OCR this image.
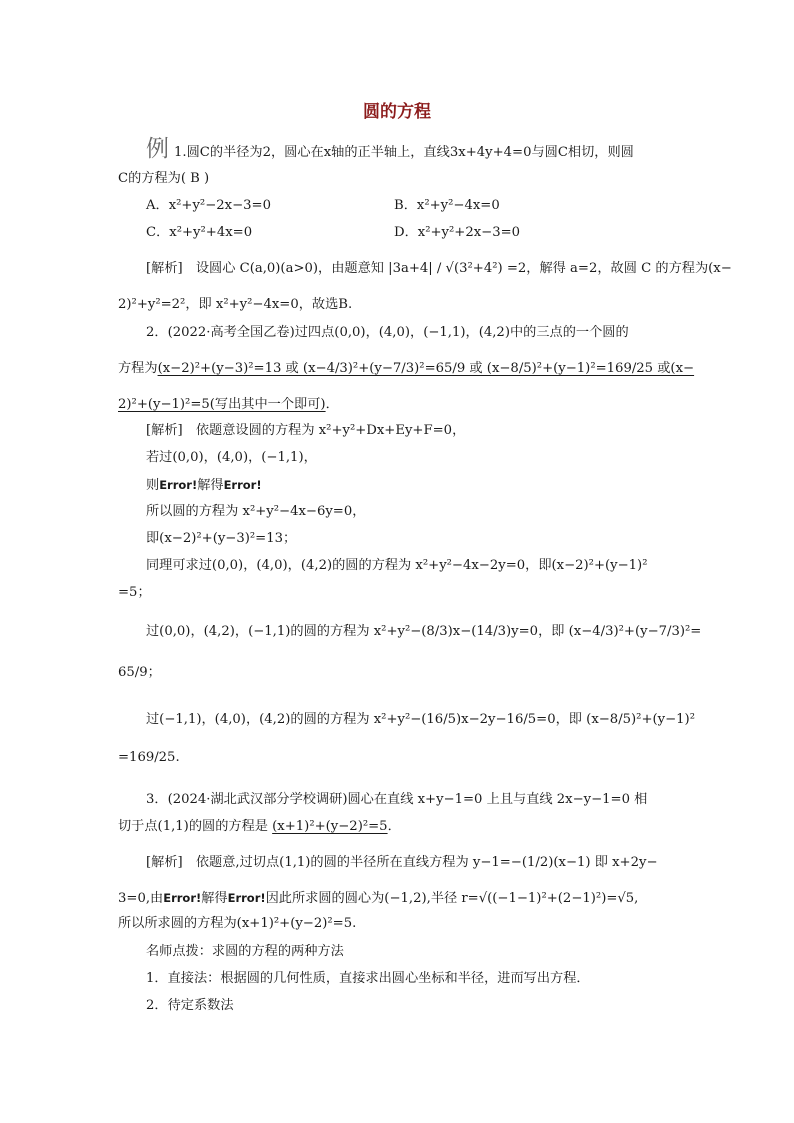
圆的方程
例 1.圆C的半径为2，圆心在x轴的正半轴上，直线3x+4y+4=0与圆C相切，则圆
C的方程为( B )
A．x²+y²−2x−3=0	B．x²+y²−4x=0
C．x²+y²+4x=0	D．x²+y²+2x−3=0
[解析]　设圆心 C(a,0)(a>0)，由题意知 |3a+4| / √(3²+4²) =2，解得 a=2，故圆 C 的方程为(x−
2)²+y²=2²，即 x²+y²−4x=0，故选B.
2．(2022·高考全国乙卷)过四点(0,0)，(4,0)，(−1,1)，(4,2)中的三点的一个圆的
方程为(x−2)²+(y−3)²=13 或 (x−4/3)²+(y−7/3)²=65/9 或 (x−8/5)²+(y−1)²=169/25 或(x−
2)²+(y−1)²=5(写出其中一个即可)．
[解析]　依题意设圆的方程为 x²+y²+Dx+Ey+F=0，
若过(0,0)，(4,0)，(−1,1)，
则Error!解得Error!
所以圆的方程为 x²+y²−4x−6y=0，
即(x−2)²+(y−3)²=13；
同理可求过(0,0)，(4,0)，(4,2)的圆的方程为 x²+y²−4x−2y=0，即(x−2)²+(y−1)²
=5；
过(0,0)，(4,2)，(−1,1)的圆的方程为 x²+y²−(8/3)x−(14/3)y=0，即 (x−4/3)²+(y−7/3)²=
65/9；
过(−1,1)，(4,0)，(4,2)的圆的方程为 x²+y²−(16/5)x−2y−16/5=0，即 (x−8/5)²+(y−1)²
=169/25.
3．(2024·湖北武汉部分学校调研)圆心在直线 x+y−1=0 上且与直线 2x−y−1=0 相
切于点(1,1)的圆的方程是 (x+1)²+(y−2)²=5．
[解析]　依题意,过切点(1,1)的圆的半径所在直线方程为 y−1=−(1/2)(x−1) 即 x+2y−
3=0,由Error!解得Error!因此所求圆的圆心为(−1,2),半径 r=√((−1−1)²+(2−1)²)=√5,
所以所求圆的方程为(x+1)²+(y−2)²=5.
名师点拨：求圆的方程的两种方法
1．直接法：根据圆的几何性质，直接求出圆心坐标和半径，进而写出方程．
2．待定系数法
